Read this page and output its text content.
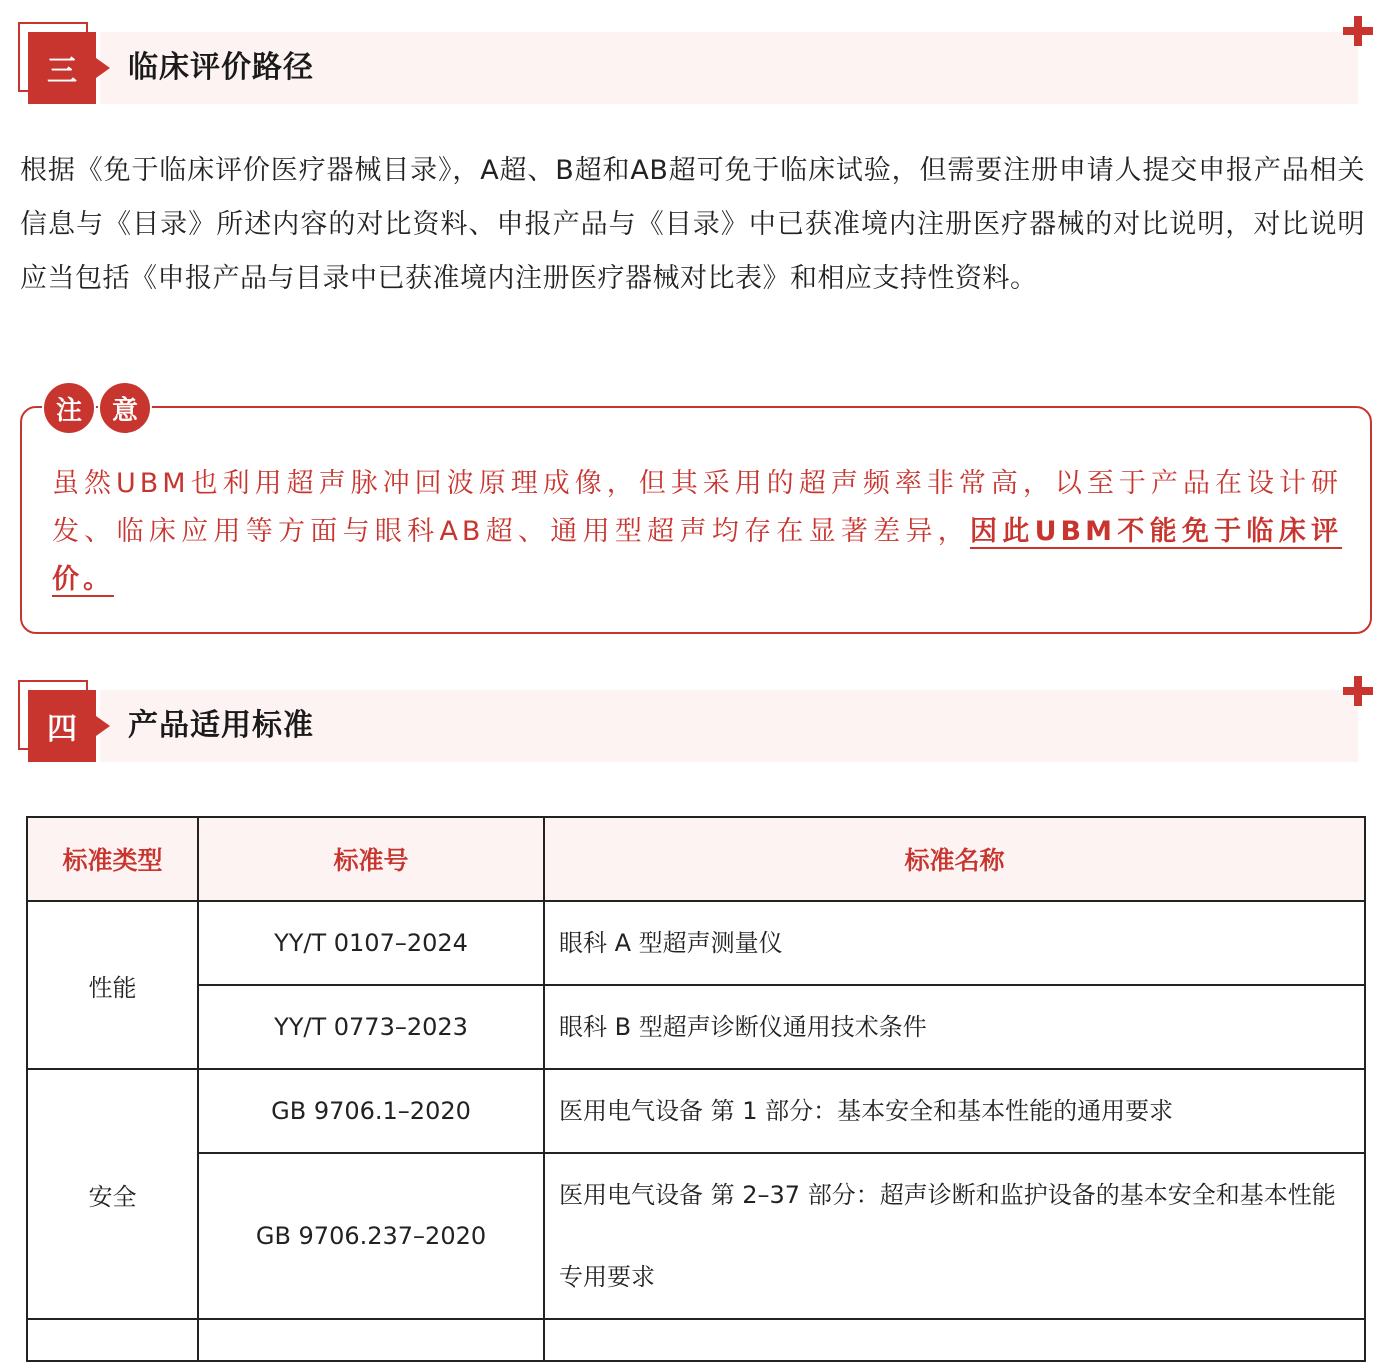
三	临床评价路径

根据《免于临床评价医疗器械目录》，A超、B超和AB超可免于临床试验，但需要注册申请人提交申报产品相关信息与《目录》所述内容的对比资料、申报产品与《目录》中已获准境内注册医疗器械的对比说明，对比说明应当包括《申报产品与目录中已获准境内注册医疗器械对比表》和相应支持性资料。

注	意

虽然UBM也利用超声脉冲回波原理成像，但其采用的超声频率非常高，以至于产品在设计研发、临床应用等方面与眼科AB超、通用型超声均存在显著差异，因此UBM不能免于临床评价。

四	产品适用标准
标准类型	标准号	标准名称
性能	YY/T 0107–2024	眼科 A 型超声测量仪
	YY/T 0773–2023	眼科 B 型超声诊断仪通用技术条件
安全	GB 9706.1–2020	医用电气设备 第 1 部分：基本安全和基本性能的通用要求
	GB 9706.237–2020	医用电气设备 第 2–37 部分：超声诊断和监护设备的基本安全和基本性能专用要求
